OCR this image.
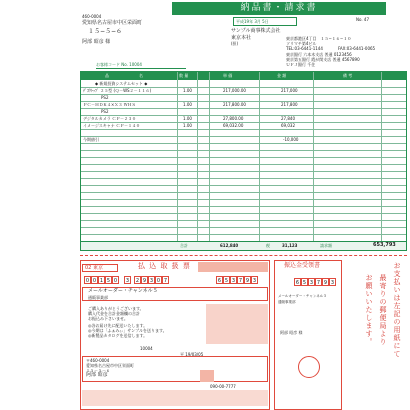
460-0004
愛知県名古屋市中区栄面町
１５−５−６
阿部 昭彦 様
納品書・請求書
平成19年 3月 5日	No. 47
サンプル商事株式会社
東京本社
(担)
東京都港区4丁目　１５−１６−１０
ソリマチ第4ビル
TEL:03-6441-1144	FAX:03-6441-0065
東京銀行 六本木支店 普通 0123456
東京第五銀行 霞が関支店 普通 4567890
ＵＦＪ銀行 千住
お客様コード No. 10004
品	名	数 量	単 価	金 額	備 考
◆ 新規投資システムセット ◆
ﾃﾞｽｸﾄｯﾌﾟ ２５型 (Ｑ－WS２－１１６)	1.00	217,000.00	217,000
PS2
ＰＣ－ＨＤＫ４×Ｘ３ ＷＨＳ	1.00	217,800.00	217,800
PS2
デジタルカメラ ＣＰ－２３０	1.00	27,800.00	27,840
イメージスキャナ ＣＰ－１４０	1.00	69,032.00	69,032
今期値引	-10,000
合計	612,840	税	31,123	請求額	653,793
02 東京	払 込 取 扱 票
0 0 1 5 0	3	2 9 3 0 7	6 5 3 7 9 3
メールオーダー・チャンネル５
通販事業部
ご購入ありがとうございます。
購入代金を合計金額欄の合計
お振込み下さいませ。
◎各お届け先に配送いたします。
◎今期は「ふぁみぃ」サンプルを送ります。
◎新製品カタログを送信します。
10004
平 19/03/05
〒460-0004
愛知県名古屋市中区栄面町
１５－５－６
阿部 昭彦
090-00-7777
振込金受領書
6 5 3 7 9 3
メールオーダー・チャンネル５
通販事業部
阿部 昭彦 様	お支払いは左記の用紙にて
最寄りの郵便局より
お願いいたします。
